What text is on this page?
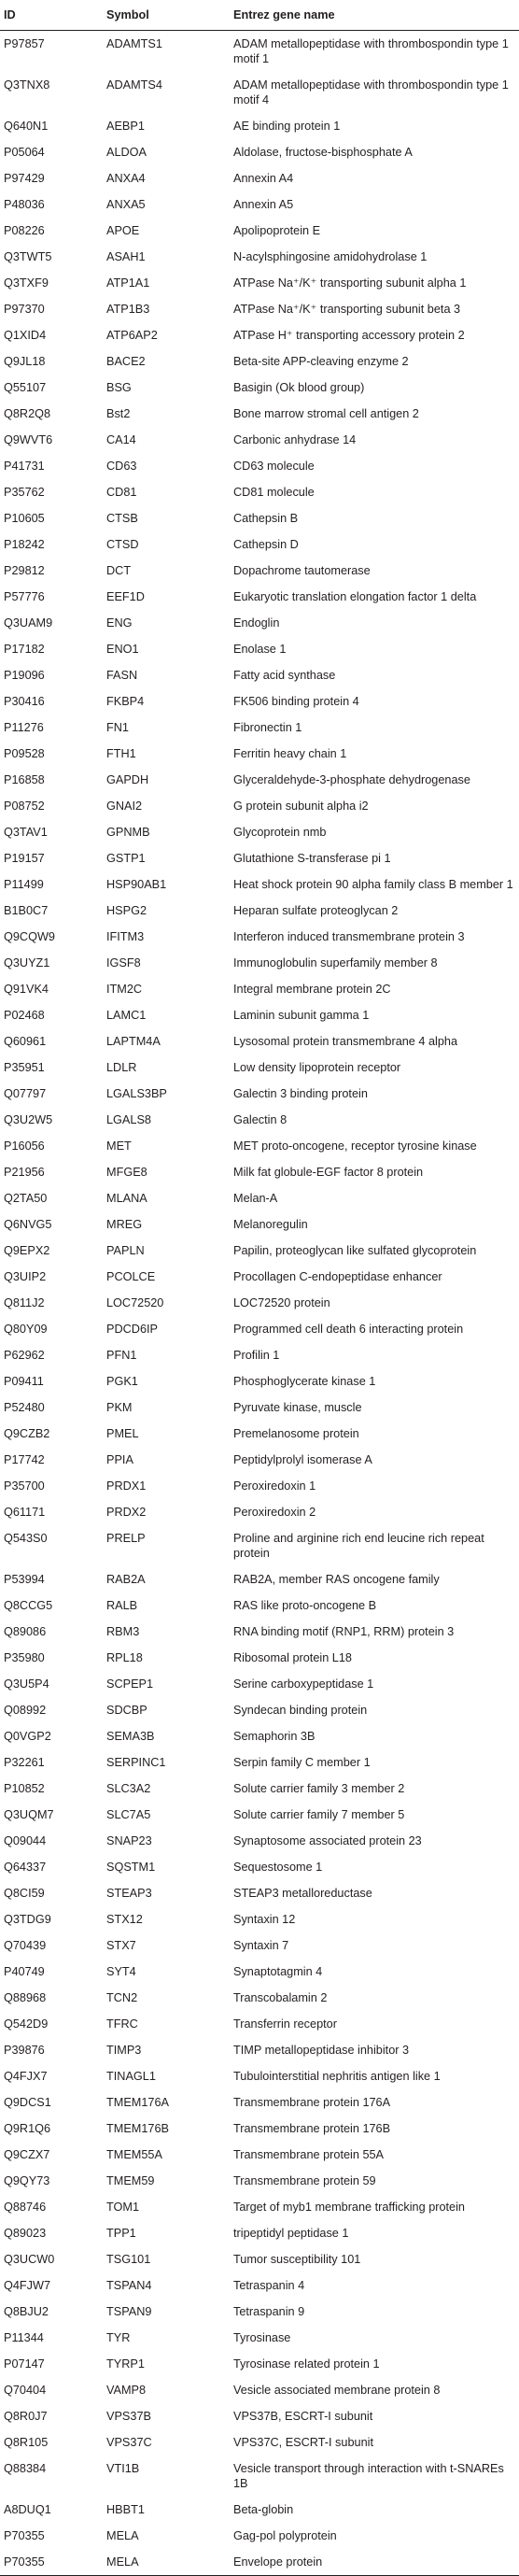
ID	Symbol	Entrez gene name
P97857	ADAMTS1	ADAM metallopeptidase with thrombospondin type 1 motif 1
Q3TNX8	ADAMTS4	ADAM metallopeptidase with thrombospondin type 1 motif 4
Q640N1	AEBP1	AE binding protein 1
P05064	ALDOA	Aldolase, fructose-bisphosphate A
P97429	ANXA4	Annexin A4
P48036	ANXA5	Annexin A5
P08226	APOE	Apolipoprotein E
Q3TWT5	ASAH1	N-acylsphingosine amidohydrolase 1
Q3TXF9	ATP1A1	ATPase Na⁺/K⁺ transporting subunit alpha 1
P97370	ATP1B3	ATPase Na⁺/K⁺ transporting subunit beta 3
Q1XID4	ATP6AP2	ATPase H⁺ transporting accessory protein 2
Q9JL18	BACE2	Beta-site APP-cleaving enzyme 2
Q55107	BSG	Basigin (Ok blood group)
Q8R2Q8	Bst2	Bone marrow stromal cell antigen 2
Q9WVT6	CA14	Carbonic anhydrase 14
P41731	CD63	CD63 molecule
P35762	CD81	CD81 molecule
P10605	CTSB	Cathepsin B
P18242	CTSD	Cathepsin D
P29812	DCT	Dopachrome tautomerase
P57776	EEF1D	Eukaryotic translation elongation factor 1 delta
Q3UAM9	ENG	Endoglin
P17182	ENO1	Enolase 1
P19096	FASN	Fatty acid synthase
P30416	FKBP4	FK506 binding protein 4
P11276	FN1	Fibronectin 1
P09528	FTH1	Ferritin heavy chain 1
P16858	GAPDH	Glyceraldehyde-3-phosphate dehydrogenase
P08752	GNAI2	G protein subunit alpha i2
Q3TAV1	GPNMB	Glycoprotein nmb
P19157	GSTP1	Glutathione S-transferase pi 1
P11499	HSP90AB1	Heat shock protein 90 alpha family class B member 1
B1B0C7	HSPG2	Heparan sulfate proteoglycan 2
Q9CQW9	IFITM3	Interferon induced transmembrane protein 3
Q3UYZ1	IGSF8	Immunoglobulin superfamily member 8
Q91VK4	ITM2C	Integral membrane protein 2C
P02468	LAMC1	Laminin subunit gamma 1
Q60961	LAPTM4A	Lysosomal protein transmembrane 4 alpha
P35951	LDLR	Low density lipoprotein receptor
Q07797	LGALS3BP	Galectin 3 binding protein
Q3U2W5	LGALS8	Galectin 8
P16056	MET	MET proto-oncogene, receptor tyrosine kinase
P21956	MFGE8	Milk fat globule-EGF factor 8 protein
Q2TA50	MLANA	Melan-A
Q6NVG5	MREG	Melanoregulin
Q9EPX2	PAPLN	Papilin, proteoglycan like sulfated glycoprotein
Q3UIP2	PCOLCE	Procollagen C-endopeptidase enhancer
Q811J2	LOC72520	LOC72520 protein
Q80Y09	PDCD6IP	Programmed cell death 6 interacting protein
P62962	PFN1	Profilin 1
P09411	PGK1	Phosphoglycerate kinase 1
P52480	PKM	Pyruvate kinase, muscle
Q9CZB2	PMEL	Premelanosome protein
P17742	PPIA	Peptidylprolyl isomerase A
P35700	PRDX1	Peroxiredoxin 1
Q61171	PRDX2	Peroxiredoxin 2
Q543S0	PRELP	Proline and arginine rich end leucine rich repeat protein
P53994	RAB2A	RAB2A, member RAS oncogene family
Q8CCG5	RALB	RAS like proto-oncogene B
Q89086	RBM3	RNA binding motif (RNP1, RRM) protein 3
P35980	RPL18	Ribosomal protein L18
Q3U5P4	SCPEP1	Serine carboxypeptidase 1
Q08992	SDCBP	Syndecan binding protein
Q0VGP2	SEMA3B	Semaphorin 3B
P32261	SERPINC1	Serpin family C member 1
P10852	SLC3A2	Solute carrier family 3 member 2
Q3UQM7	SLC7A5	Solute carrier family 7 member 5
Q09044	SNAP23	Synaptosome associated protein 23
Q64337	SQSTM1	Sequestosome 1
Q8CI59	STEAP3	STEAP3 metalloreductase
Q3TDG9	STX12	Syntaxin 12
Q70439	STX7	Syntaxin 7
P40749	SYT4	Synaptotagmin 4
Q88968	TCN2	Transcobalamin 2
Q542D9	TFRC	Transferrin receptor
P39876	TIMP3	TIMP metallopeptidase inhibitor 3
Q4FJX7	TINAGL1	Tubulointerstitial nephritis antigen like 1
Q9DCS1	TMEM176A	Transmembrane protein 176A
Q9R1Q6	TMEM176B	Transmembrane protein 176B
Q9CZX7	TMEM55A	Transmembrane protein 55A
Q9QY73	TMEM59	Transmembrane protein 59
Q88746	TOM1	Target of myb1 membrane trafficking protein
Q89023	TPP1	tripeptidyl peptidase 1
Q3UCW0	TSG101	Tumor susceptibility 101
Q4FJW7	TSPAN4	Tetraspanin 4
Q8BJU2	TSPAN9	Tetraspanin 9
P11344	TYR	Tyrosinase
P07147	TYRP1	Tyrosinase related protein 1
Q70404	VAMP8	Vesicle associated membrane protein 8
Q8R0J7	VPS37B	VPS37B, ESCRT-I subunit
Q8R105	VPS37C	VPS37C, ESCRT-I subunit
Q88384	VTI1B	Vesicle transport through interaction with t-SNAREs 1B
A8DUQ1	HBBT1	Beta-globin
P70355	MELA	Gag-pol polyprotein
P70355	MELA	Envelope protein
